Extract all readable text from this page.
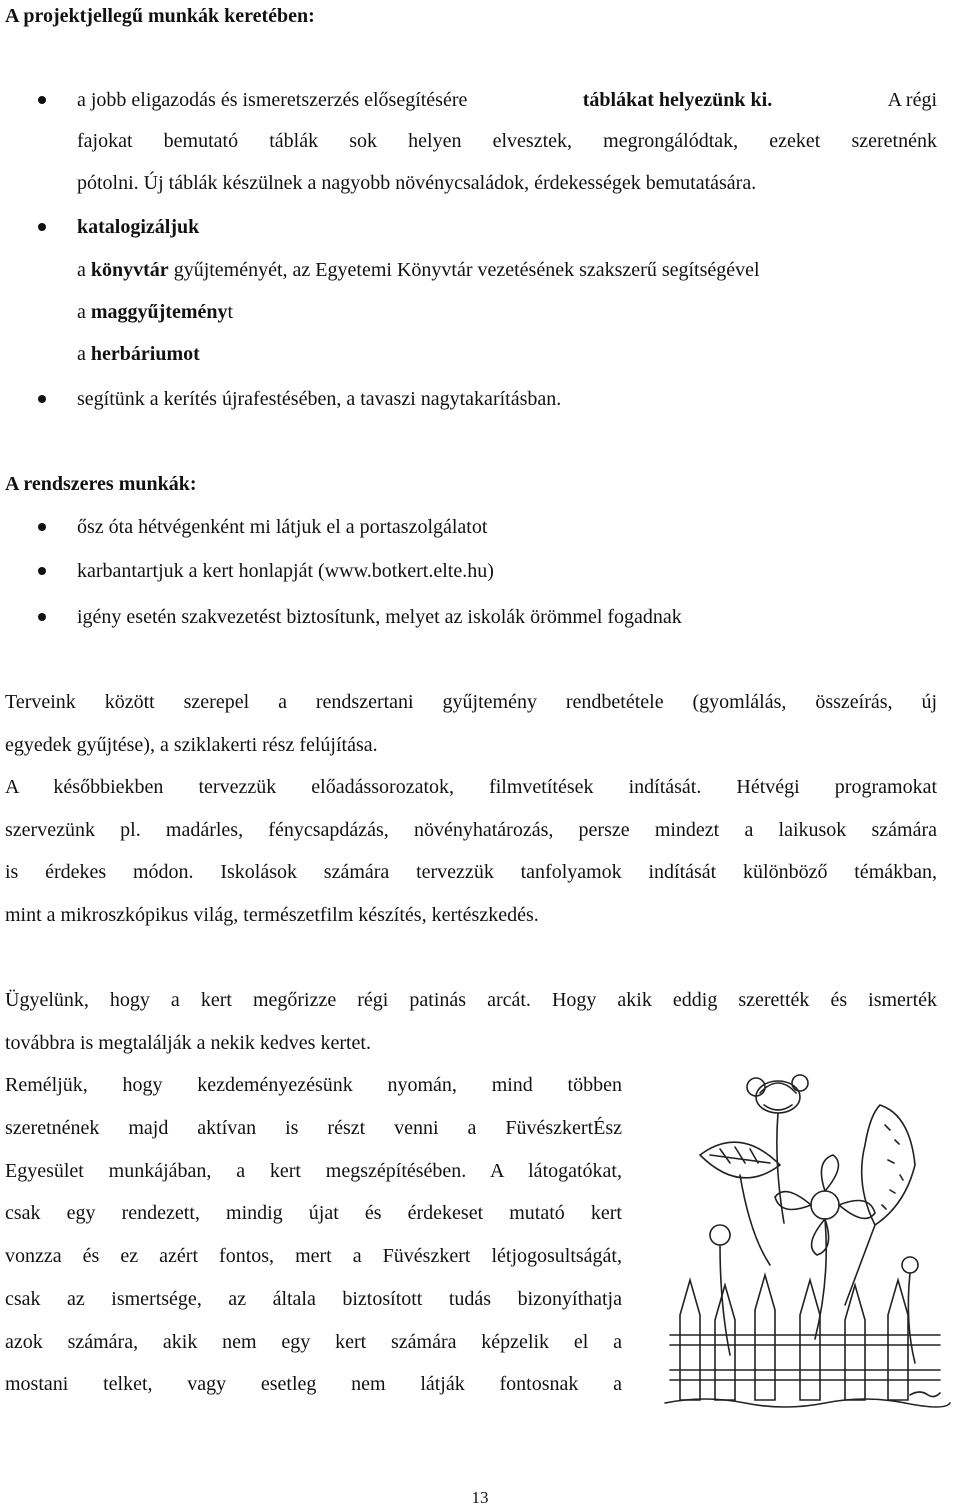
A projektjellegű munkák keretében:
a jobb eligazodás és ismeretszerzés elősegítésére	táblákat helyezünk ki.	A régi
fajokat bemutató táblák sok helyen elvesztek, megrongálódtak, ezeket szeretnénk
pótolni. Új táblák készülnek a nagyobb növénycsaládok, érdekességek bemutatására.
katalogizáljuk
a könyvtár gyűjteményét, az Egyetemi Könyvtár vezetésének szakszerű segítségével
a maggyűjteményt
a herbáriumot
segítünk a kerítés újrafestésében, a tavaszi nagytakarításban.
A rendszeres munkák:
ősz óta hétvégenként mi látjuk el a portaszolgálatot
karbantartjuk a kert honlapját (www.botkert.elte.hu)
igény esetén szakvezetést biztosítunk, melyet az iskolák örömmel fogadnak
Terveink között szerepel a rendszertani gyűjtemény rendbetétele (gyomlálás, összeírás, új
egyedek gyűjtése), a sziklakerti rész felújítása.
A későbbiekben tervezzük előadássorozatok, filmvetítések indítását. Hétvégi programokat
szervezünk pl. madárles, fénycsapdázás, növényhatározás, persze mindezt a laikusok számára
is érdekes módon. Iskolások számára tervezzük tanfolyamok indítását különböző témákban,
mint a mikroszkópikus világ, természetfilm készítés, kertészkedés.
Ügyelünk, hogy a kert megőrizze régi patinás arcát. Hogy akik eddig szerették és ismerték
továbbra is megtalálják a nekik kedves kertet.
Reméljük, hogy kezdeményezésünk nyomán, mind többen
szeretnének majd aktívan is részt venni a FüvészkertÉsz
Egyesület munkájában, a kert megszépítésében. A látogatókat,
csak egy rendezett, mindig újat és érdekeset mutató kert
vonzza és ez azért fontos, mert a Füvészkert létjogosultságát,
csak az ismertsége, az általa biztosított tudás bizonyíthatja
azok számára, akik nem egy kert számára képzelik el a
mostani telket, vagy esetleg nem látják fontosnak a
13
